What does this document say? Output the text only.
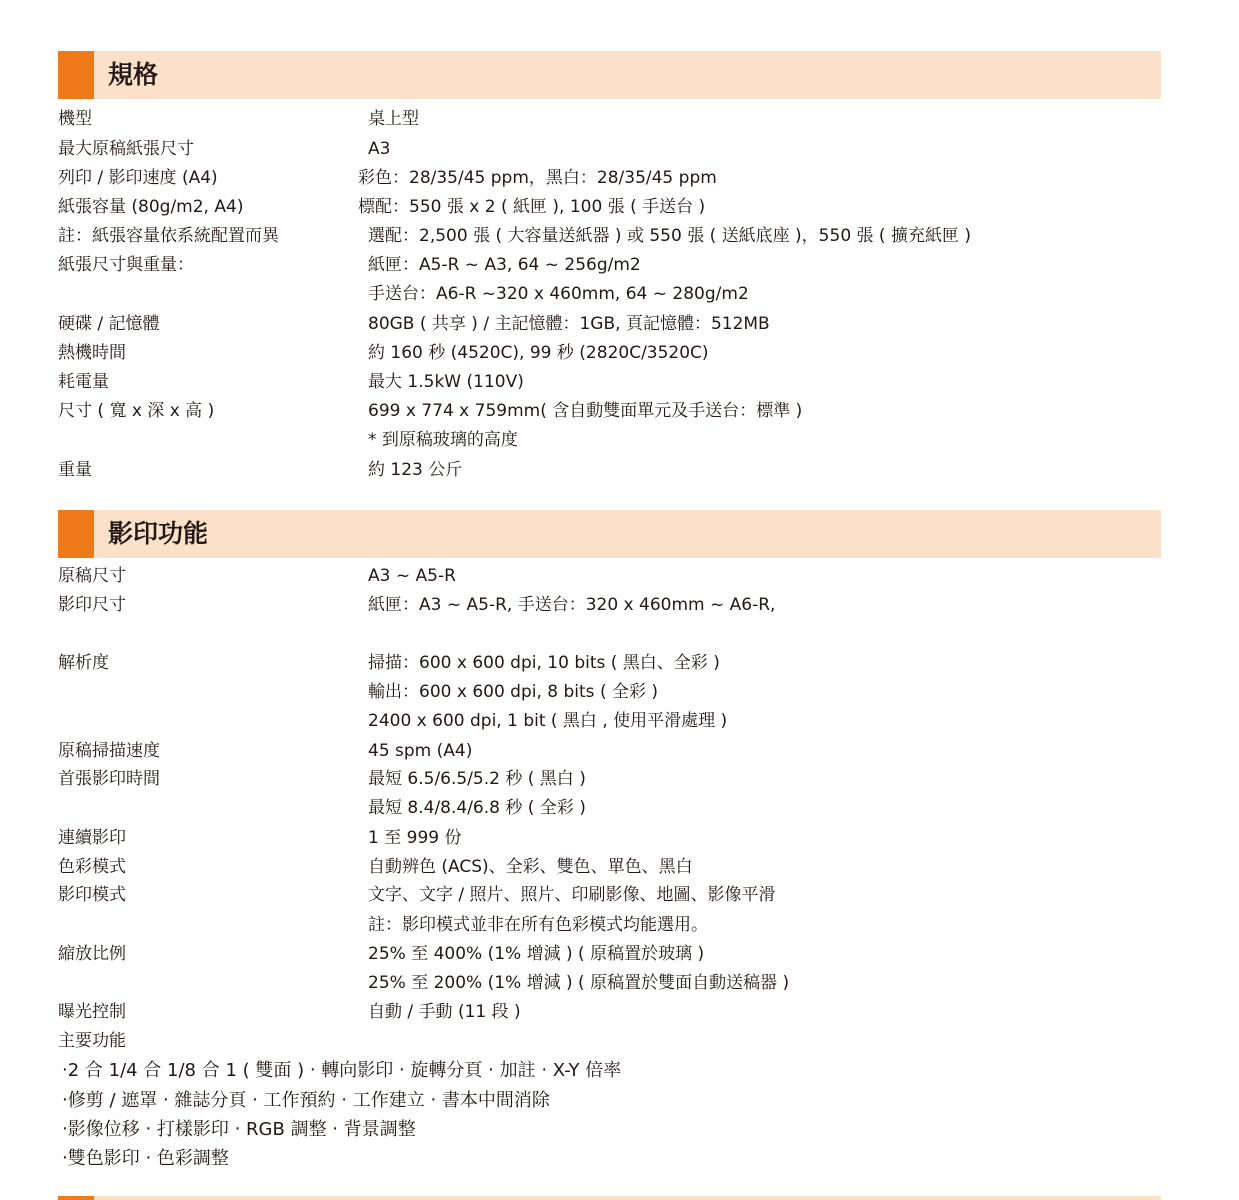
規格
機型	桌上型
最大原稿紙張尺寸	A3
列印 / 影印速度 (A4)	彩色：28/35/45 ppm，黑白：28/35/45 ppm
紙張容量 (80g/m2, A4)	標配：550 張 x 2 ( 紙匣 ), 100 張 ( 手送台 )
註：紙張容量依系統配置而異	選配：2,500 張 ( 大容量送紙器 ) 或 550 張 ( 送紙底座 )，550 張 ( 擴充紙匣 )
紙張尺寸與重量：	紙匣：A5-R ~ A3, 64 ~ 256g/m2
手送台：A6-R ~320 x 460mm, 64 ~ 280g/m2
硬碟 / 記憶體	80GB ( 共享 ) / 主記憶體：1GB, 頁記憶體：512MB
熱機時間	約 160 秒 (4520C), 99 秒 (2820C/3520C)
耗電量	最大 1.5kW (110V)
尺寸 ( 寬 x 深 x 高 )	699 x 774 x 759mm( 含自動雙面單元及手送台：標準 )
* 到原稿玻璃的高度
重量	約 123 公斤
影印功能
原稿尺寸	A3 ~ A5-R
影印尺寸	紙匣：A3 ~ A5-R, 手送台：320 x 460mm ~ A6-R,
解析度	掃描：600 x 600 dpi, 10 bits ( 黑白、全彩 )
輸出：600 x 600 dpi, 8 bits ( 全彩 )
2400 x 600 dpi, 1 bit ( 黑白 , 使用平滑處理 )
原稿掃描速度	45 spm (A4)
首張影印時間	最短 6.5/6.5/5.2 秒 ( 黑白 )
最短 8.4/8.4/6.8 秒 ( 全彩 )
連續影印	1 至 999 份
色彩模式	自動辨色 (ACS)、全彩、雙色、單色、黑白
影印模式	文字、文字 / 照片、照片、印刷影像、地圖、影像平滑
註：影印模式並非在所有色彩模式均能選用。
縮放比例	25% 至 400% (1% 增減 ) ( 原稿置於玻璃 )
25% 至 200% (1% 增減 ) ( 原稿置於雙面自動送稿器 )
曝光控制	自動 / 手動 (11 段 )
主要功能
‧2 合 1/4 合 1/8 合 1 ( 雙面 ) ‧ 轉向影印 ‧ 旋轉分頁 ‧ 加註 ‧ X-Y 倍率
‧修剪 / 遮罩 ‧ 雜誌分頁 ‧ 工作預約 ‧ 工作建立 ‧ 書本中間消除
‧影像位移 ‧ 打樣影印 ‧ RGB 調整 ‧ 背景調整
‧雙色影印 ‧ 色彩調整
